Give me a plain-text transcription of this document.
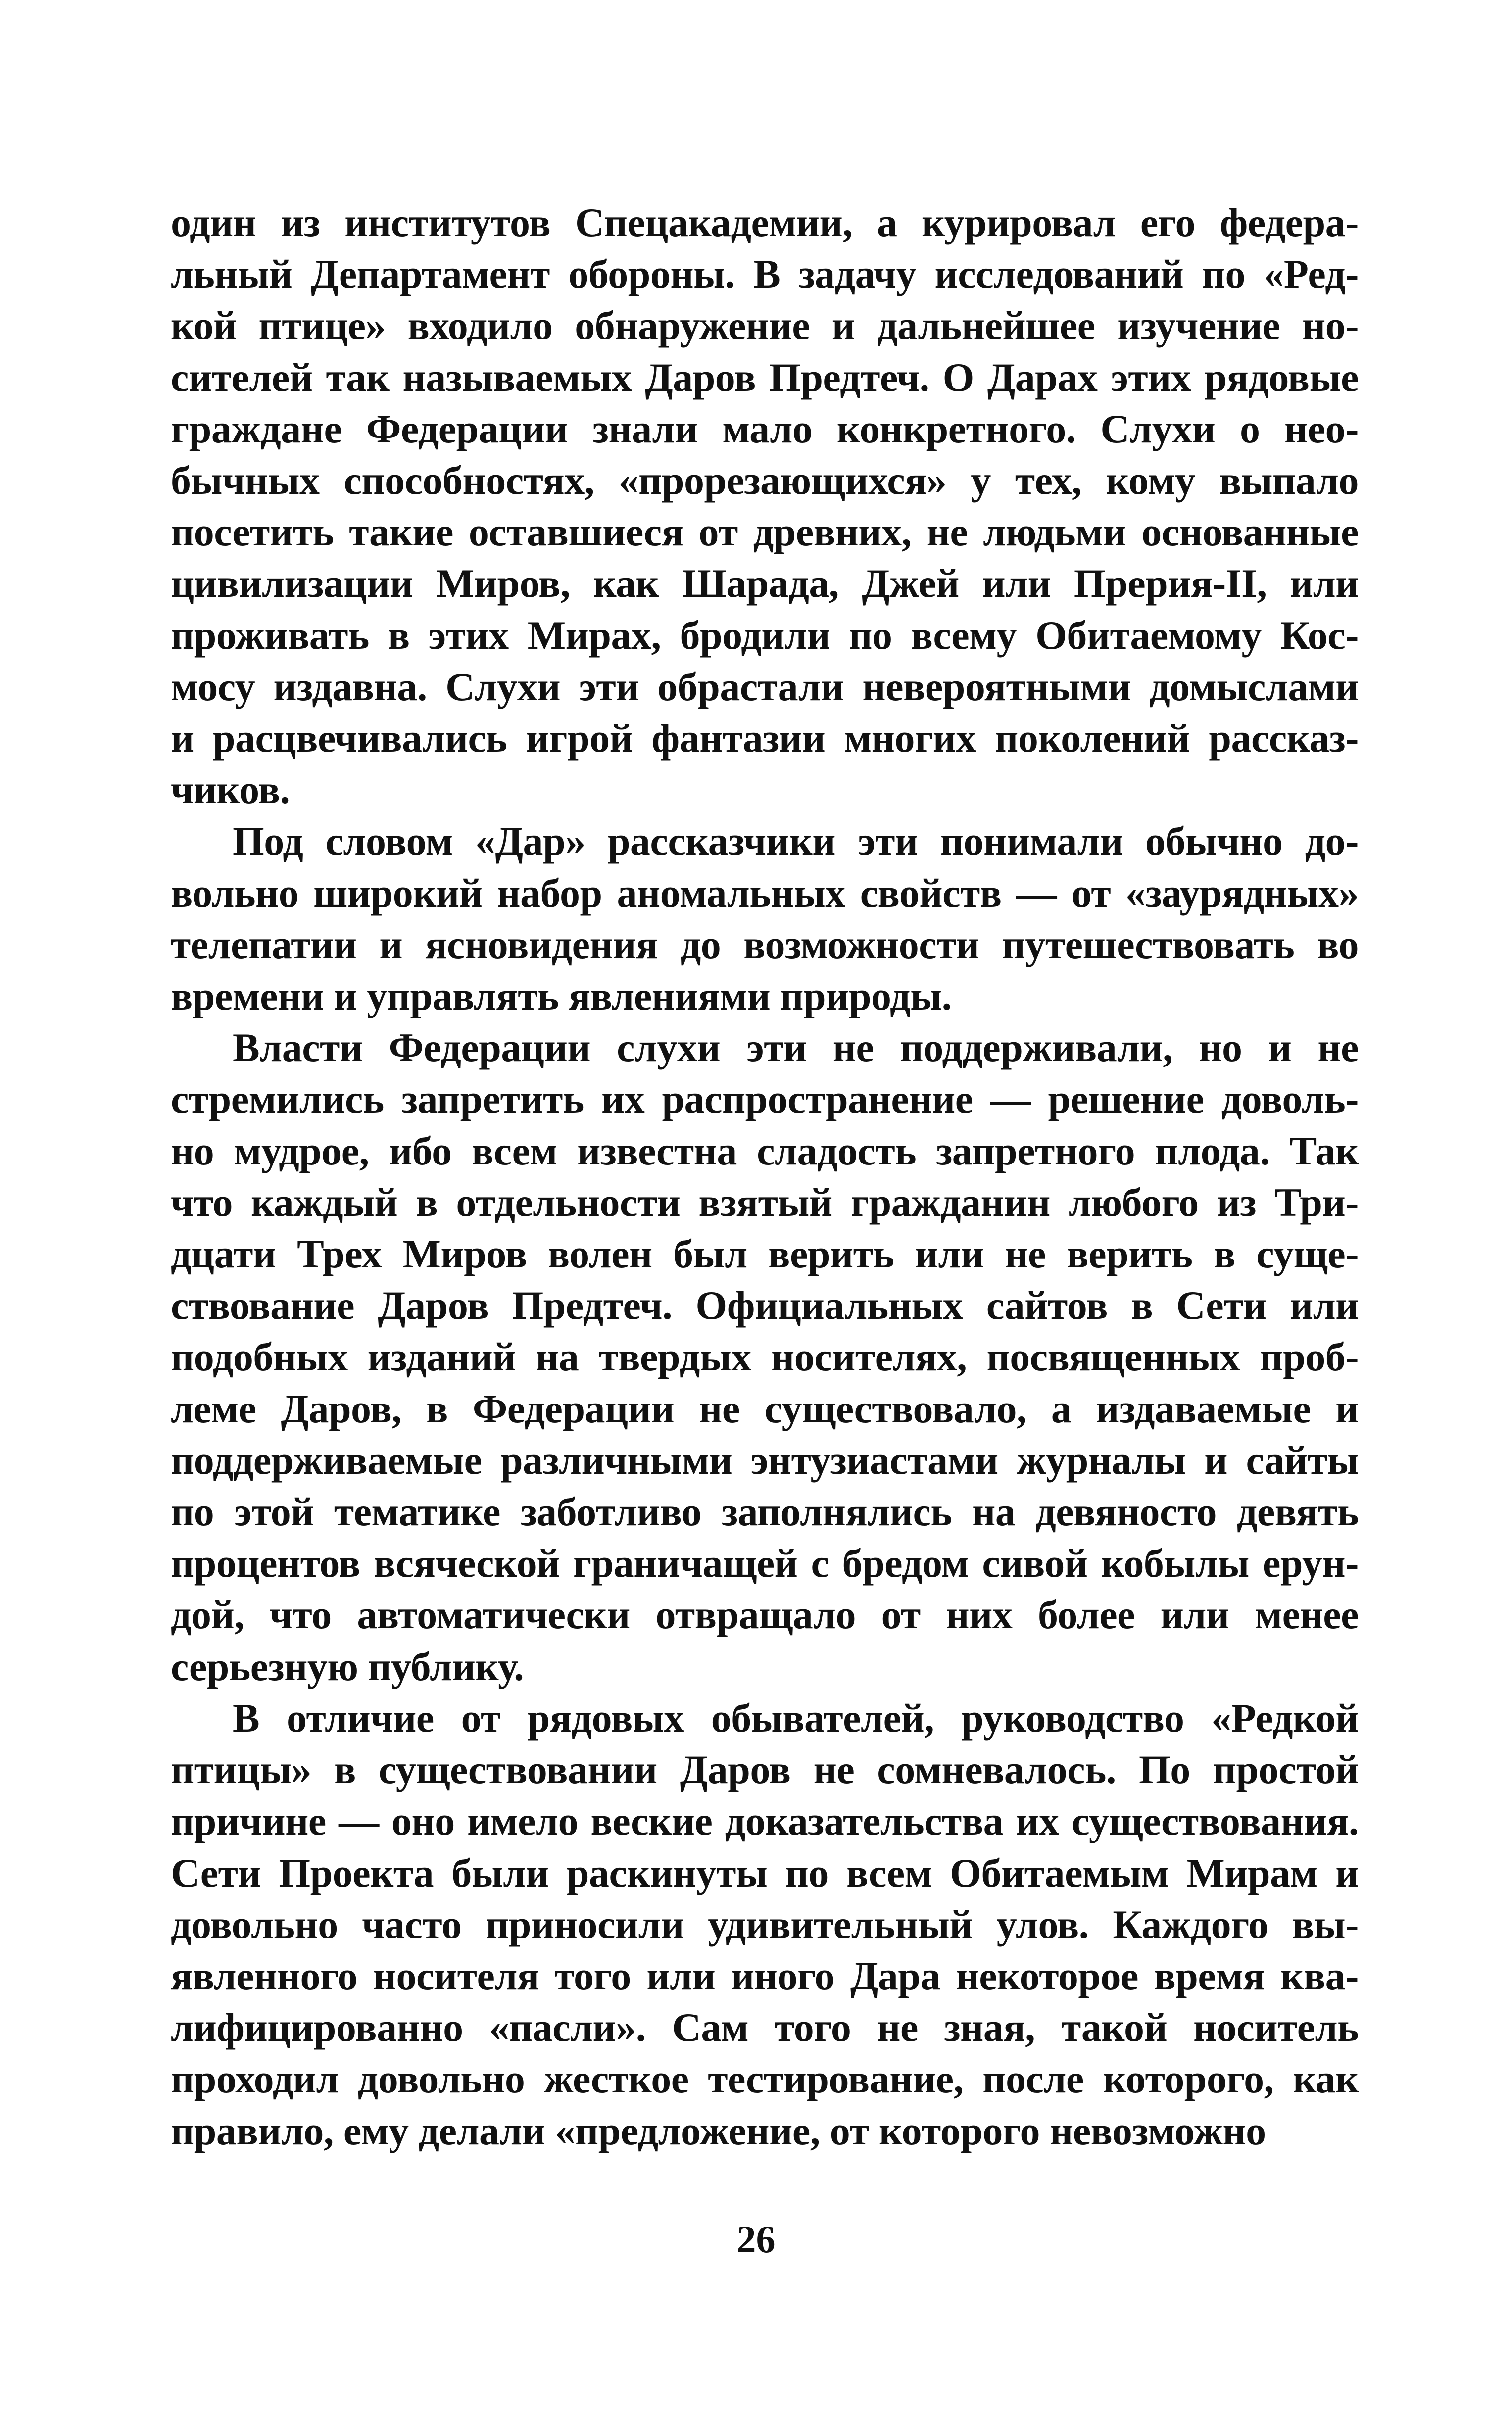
один из институтов Спецакадемии, а курировал его федера-
льный Департамент обороны. В задачу исследований по «Ред-
кой птице» входило обнаружение и дальнейшее изучение но-
сителей так называемых Даров Предтеч. О Дарах этих рядовые
граждане Федерации знали мало конкретного. Слухи о нео-
бычных способностях, «прорезающихся» у тех, кому выпало
посетить такие оставшиеся от древних, не людьми основанные
цивилизации Миров, как Шарада, Джей или Прерия-II, или
проживать в этих Мирах, бродили по всему Обитаемому Кос-
мосу издавна. Слухи эти обрастали невероятными домыслами
и расцвечивались игрой фантазии многих поколений рассказ-
чиков.

Под словом «Дар» рассказчики эти понимали обычно до-
вольно широкий набор аномальных свойств — от «заурядных»
телепатии и ясновидения до возможности путешествовать во
времени и управлять явлениями природы.

Власти Федерации слухи эти не поддерживали, но и не
стремились запретить их распространение — решение доволь-
но мудрое, ибо всем известна сладость запретного плода. Так
что каждый в отдельности взятый гражданин любого из Три-
дцати Трех Миров волен был верить или не верить в суще-
ствование Даров Предтеч. Официальных сайтов в Сети или
подобных изданий на твердых носителях, посвященных проб-
леме Даров, в Федерации не существовало, а издаваемые и
поддерживаемые различными энтузиастами журналы и сайты
по этой тематике заботливо заполнялись на девяносто девять
процентов всяческой граничащей с бредом сивой кобылы ерун-
дой, что автоматически отвращало от них более или менее
серьезную публику.

В отличие от рядовых обывателей, руководство «Редкой
птицы» в существовании Даров не сомневалось. По простой
причине — оно имело веские доказательства их существования.
Сети Проекта были раскинуты по всем Обитаемым Мирам и
довольно часто приносили удивительный улов. Каждого вы-
явленного носителя того или иного Дара некоторое время ква-
лифицированно «пасли». Сам того не зная, такой носитель
проходил довольно жесткое тестирование, после которого, как
правило, ему делали «предложение, от которого невозможно

26
